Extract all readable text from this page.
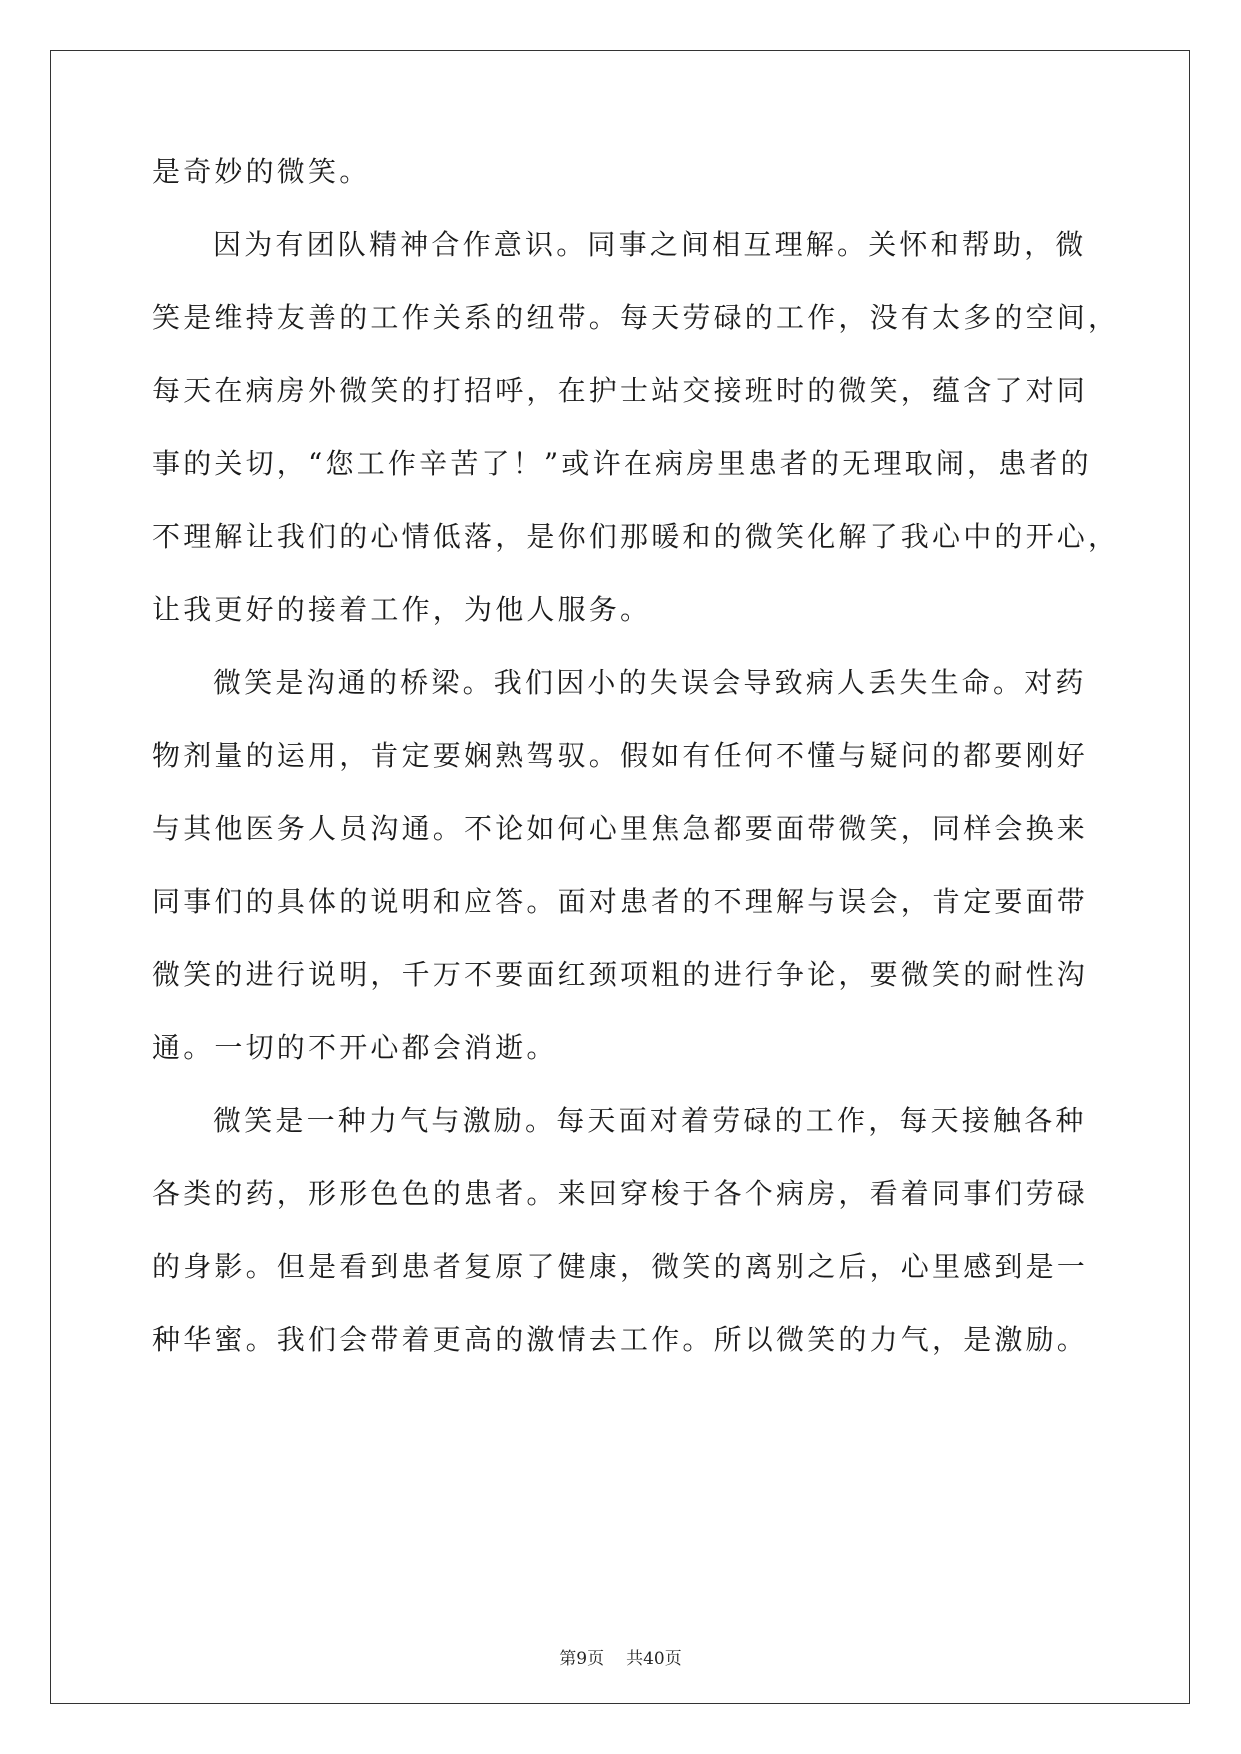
是奇妙的微笑。
因为有团队精神合作意识。同事之间相互理解。关怀和帮助，微
笑是维持友善的工作关系的纽带。每天劳碌的工作，没有太多的空间，
每天在病房外微笑的打招呼，在护士站交接班时的微笑，蕴含了对同
事的关切，“您工作辛苦了！”或许在病房里患者的无理取闹，患者的
不理解让我们的心情低落，是你们那暖和的微笑化解了我心中的开心，
让我更好的接着工作，为他人服务。
微笑是沟通的桥梁。我们因小的失误会导致病人丢失生命。对药
物剂量的运用，肯定要娴熟驾驭。假如有任何不懂与疑问的都要刚好
与其他医务人员沟通。不论如何心里焦急都要面带微笑，同样会换来
同事们的具体的说明和应答。面对患者的不理解与误会，肯定要面带
微笑的进行说明，千万不要面红颈项粗的进行争论，要微笑的耐性沟
通。一切的不开心都会消逝。
微笑是一种力气与激励。每天面对着劳碌的工作，每天接触各种
各类的药，形形色色的患者。来回穿梭于各个病房，看着同事们劳碌
的身影。但是看到患者复原了健康，微笑的离别之后，心里感到是一
种华蜜。我们会带着更高的激情去工作。所以微笑的力气，是激励。
第9页 共40页
